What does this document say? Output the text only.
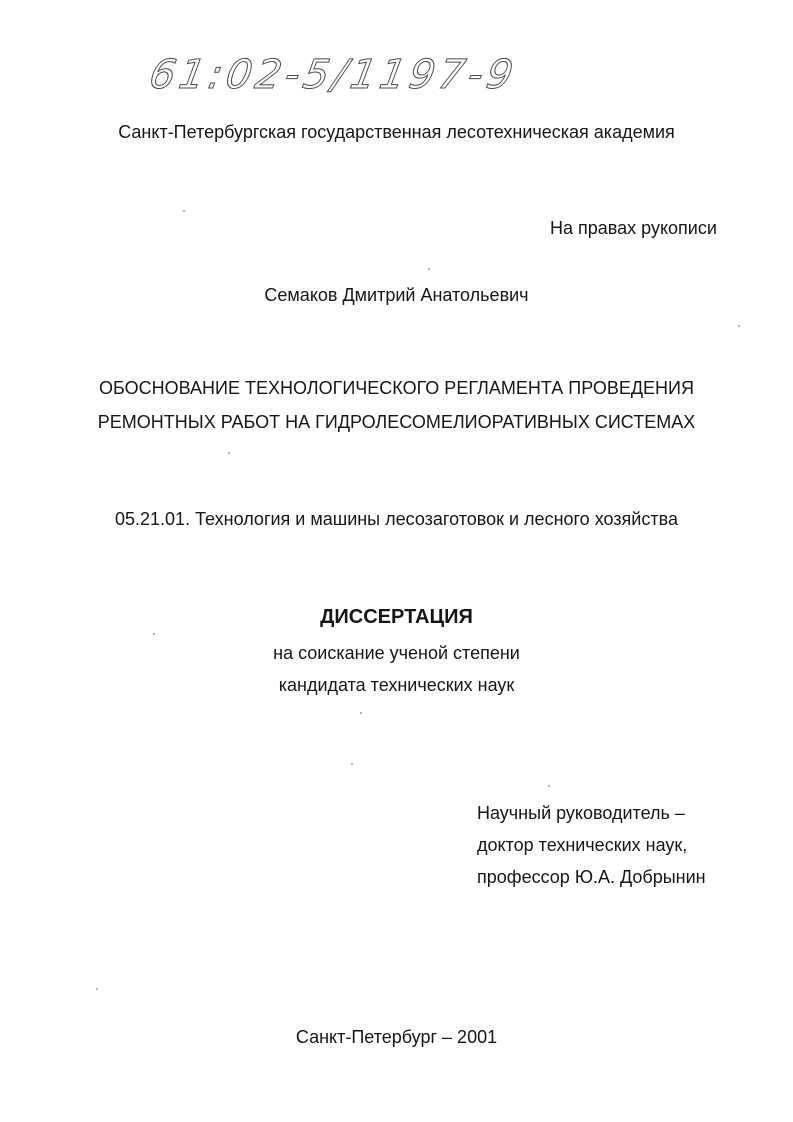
61:02-5/1197-9
Санкт-Петербургская государственная лесотехническая академия
На правах рукописи
Семаков Дмитрий Анатольевич
ОБОСНОВАНИЕ ТЕХНОЛОГИЧЕСКОГО РЕГЛАМЕНТА ПРОВЕДЕНИЯ
РЕМОНТНЫХ РАБОТ НА ГИДРОЛЕСОМЕЛИОРАТИВНЫХ СИСТЕМАХ
05.21.01. Технология и машины лесозаготовок и лесного хозяйства
ДИССЕРТАЦИЯ
на соискание ученой степени
кандидата технических наук
Научный руководитель –
доктор технических наук,
профессор Ю.А. Добрынин
Санкт-Петербург – 2001
